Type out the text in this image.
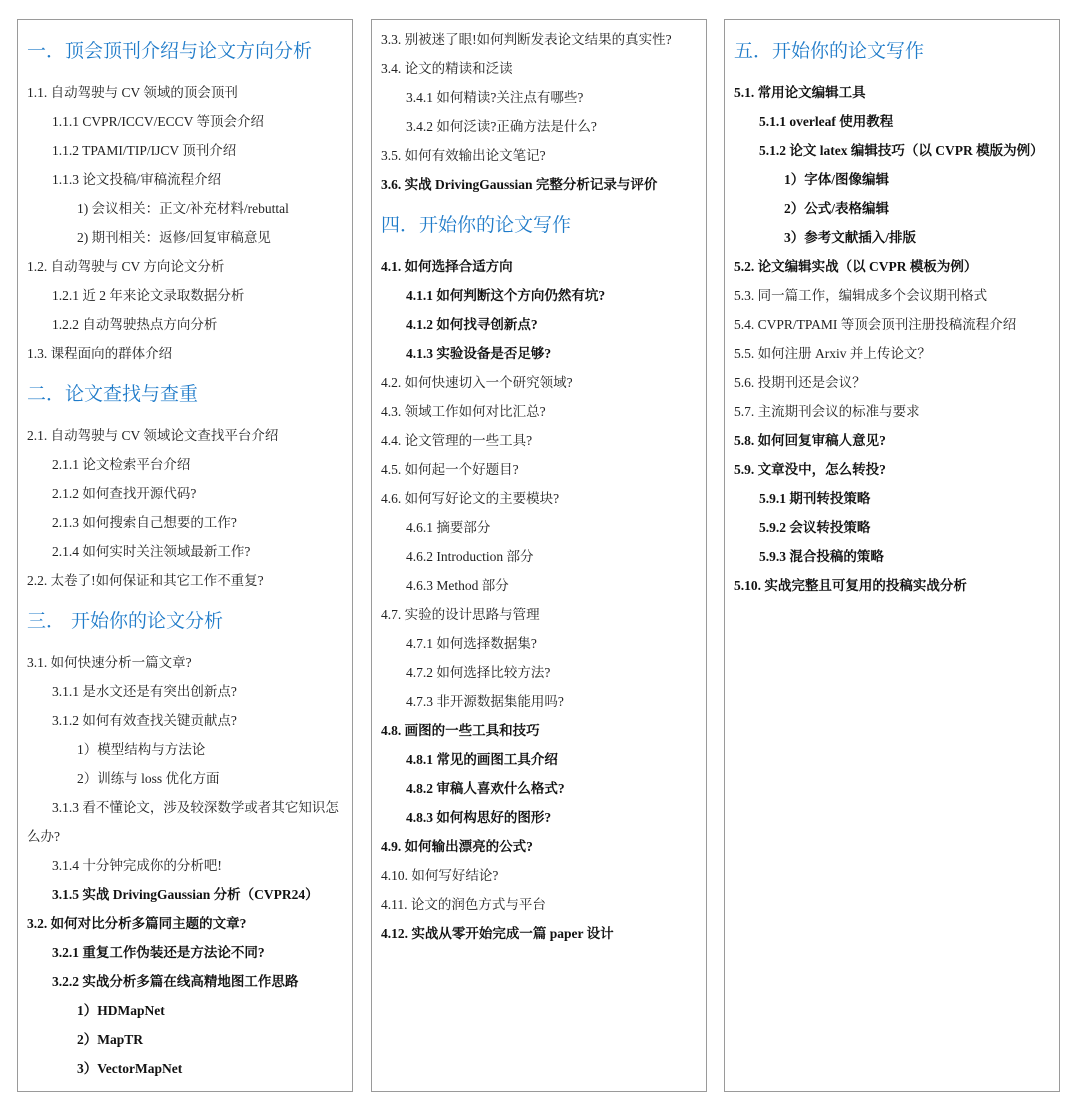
一．顶会顶刊介绍与论文方向分析
1.1. 自动驾驶与 CV 领域的顶会顶刊
1.1.1 CVPR/ICCV/ECCV 等顶会介绍
1.1.2 TPAMI/TIP/IJCV 顶刊介绍
1.1.3 论文投稿/审稿流程介绍
1) 会议相关：正文/补充材料/rebuttal
2) 期刊相关：返修/回复审稿意见
1.2. 自动驾驶与 CV 方向论文分析
1.2.1 近 2 年来论文录取数据分析
1.2.2 自动驾驶热点方向分析
1.3. 课程面向的群体介绍
二．论文查找与查重
2.1. 自动驾驶与 CV 领域论文查找平台介绍
2.1.1 论文检索平台介绍
2.1.2 如何查找开源代码?
2.1.3 如何搜索自己想要的工作?
2.1.4 如何实时关注领域最新工作?
2.2. 太卷了!如何保证和其它工作不重复?
三． 开始你的论文分析
3.1. 如何快速分析一篇文章?
3.1.1 是水文还是有突出创新点?
3.1.2 如何有效查找关键贡献点?
1）模型结构与方法论
2）训练与 loss 优化方面
3.1.3 看不懂论文，涉及较深数学或者其它知识怎么办?
3.1.4 十分钟完成你的分析吧!
3.1.5 实战 DrivingGaussian 分析（CVPR24）
3.2. 如何对比分析多篇同主题的文章?
3.2.1 重复工作伪装还是方法论不同?
3.2.2 实战分析多篇在线高精地图工作思路
1）HDMapNet
2）MapTR
3）VectorMapNet
3.3. 别被迷了眼!如何判断发表论文结果的真实性?
3.4. 论文的精读和泛读
3.4.1 如何精读?关注点有哪些?
3.4.2 如何泛读?正确方法是什么?
3.5. 如何有效输出论文笔记?
3.6. 实战 DrivingGaussian 完整分析记录与评价
四．开始你的论文写作
4.1. 如何选择合适方向
4.1.1 如何判断这个方向仍然有坑?
4.1.2 如何找寻创新点?
4.1.3 实验设备是否足够?
4.2. 如何快速切入一个研究领域?
4.3. 领域工作如何对比汇总?
4.4. 论文管理的一些工具?
4.5. 如何起一个好题目?
4.6. 如何写好论文的主要模块?
4.6.1 摘要部分
4.6.2 Introduction 部分
4.6.3 Method 部分
4.7. 实验的设计思路与管理
4.7.1 如何选择数据集?
4.7.2 如何选择比较方法?
4.7.3 非开源数据集能用吗?
4.8. 画图的一些工具和技巧
4.8.1 常见的画图工具介绍
4.8.2 审稿人喜欢什么格式?
4.8.3 如何构思好的图形?
4.9. 如何输出漂亮的公式?
4.10. 如何写好结论?
4.11. 论文的润色方式与平台
4.12. 实战从零开始完成一篇 paper 设计
五．开始你的论文写作
5.1. 常用论文编辑工具
5.1.1 overleaf 使用教程
5.1.2 论文 latex 编辑技巧（以 CVPR 模版为例）
1）字体/图像编辑
2）公式/表格编辑
3）参考文献插入/排版
5.2. 论文编辑实战（以 CVPR 模板为例）
5.3. 同一篇工作，编辑成多个会议期刊格式
5.4. CVPR/TPAMI 等顶会顶刊注册投稿流程介绍
5.5. 如何注册 Arxiv 并上传论文？
5.6. 投期刊还是会议？
5.7. 主流期刊会议的标准与要求
5.8. 如何回复审稿人意见?
5.9. 文章没中，怎么转投?
5.9.1 期刊转投策略
5.9.2 会议转投策略
5.9.3 混合投稿的策略
5.10. 实战完整且可复用的投稿实战分析
